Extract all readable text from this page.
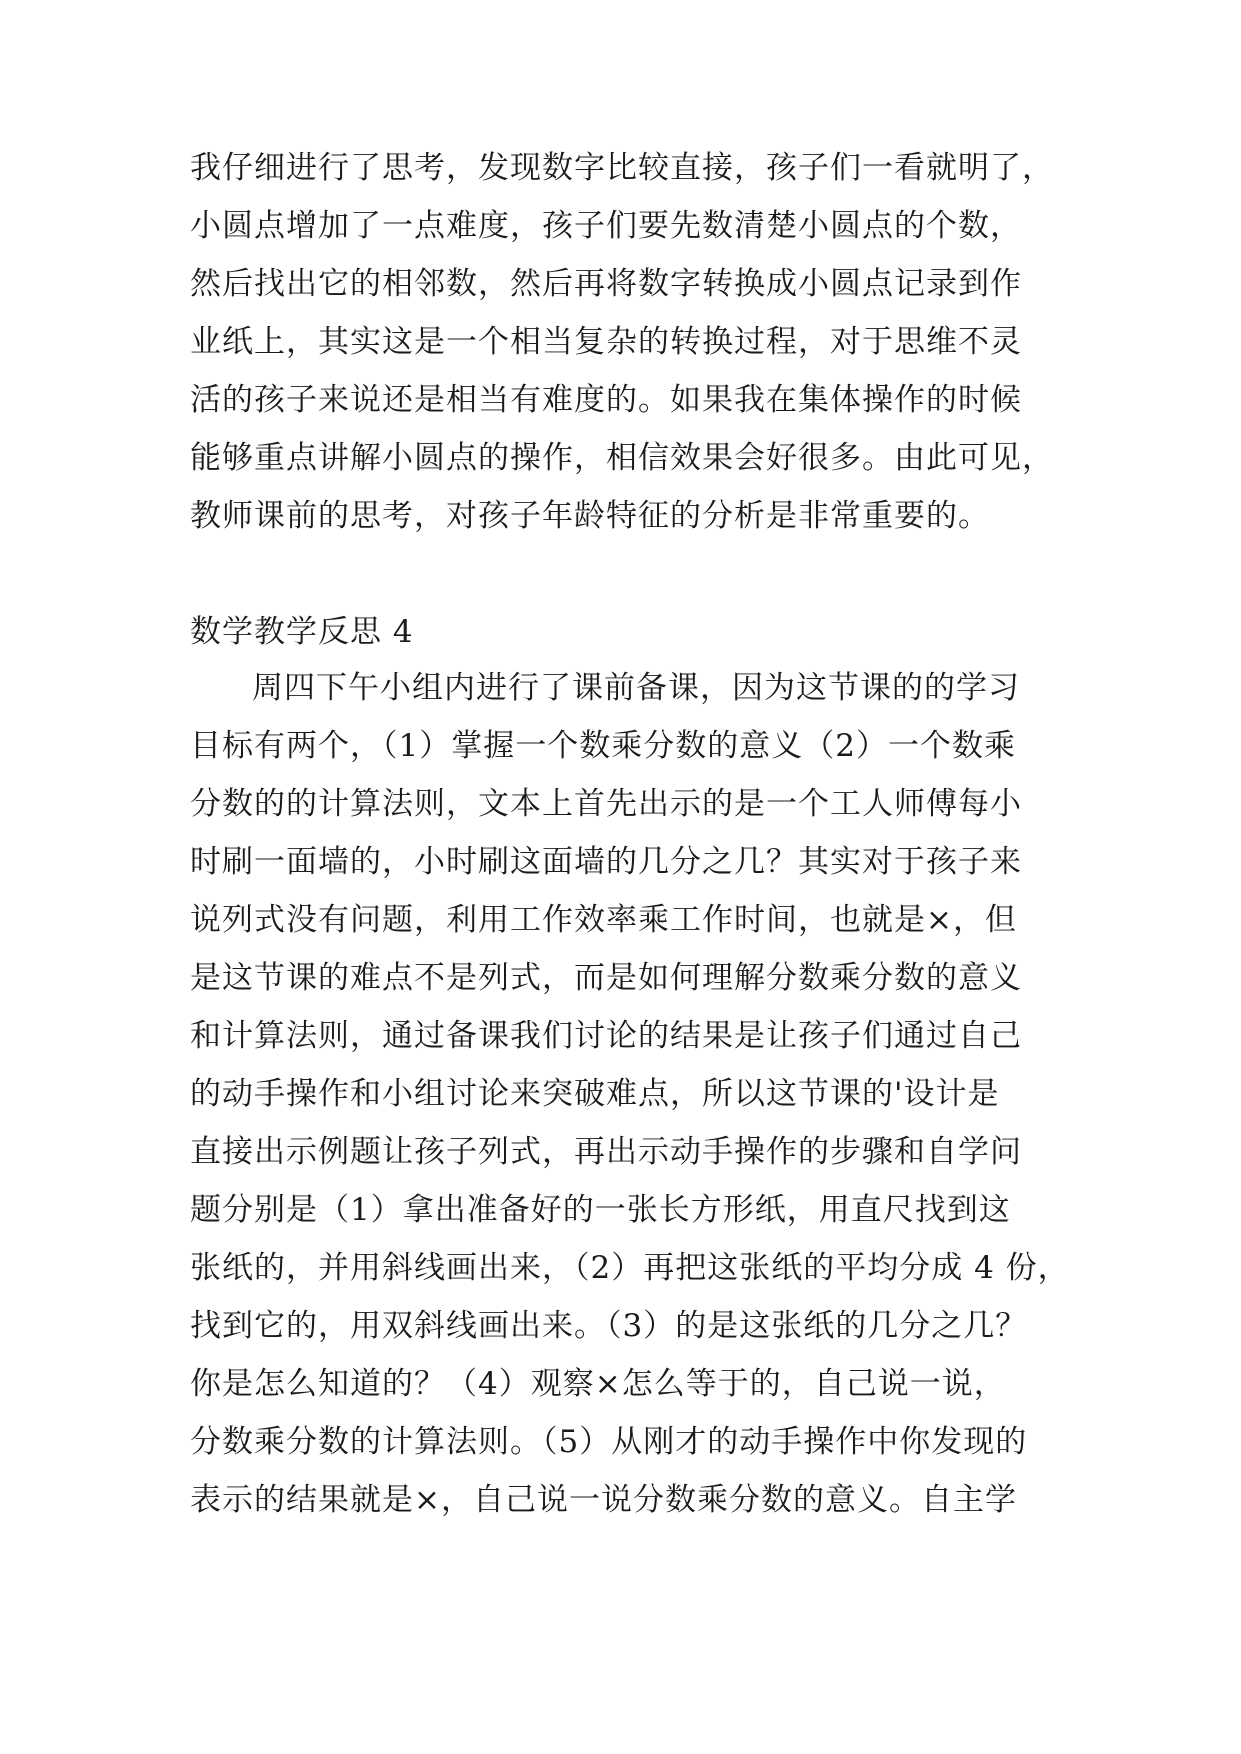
我仔细进行了思考，发现数字比较直接，孩子们一看就明了，
小圆点增加了一点难度，孩子们要先数清楚小圆点的个数，
然后找出它的相邻数，然后再将数字转换成小圆点记录到作
业纸上，其实这是一个相当复杂的转换过程，对于思维不灵
活的孩子来说还是相当有难度的。如果我在集体操作的时候
能够重点讲解小圆点的操作，相信效果会好很多。由此可见，
教师课前的思考，对孩子年龄特征的分析是非常重要的。
数学教学反思 4
周四下午小组内进行了课前备课，因为这节课的的学习
目标有两个，（1）掌握一个数乘分数的意义（2）一个数乘
分数的的计算法则，文本上首先出示的是一个工人师傅每小
时刷一面墙的，小时刷这面墙的几分之几？其实对于孩子来
说列式没有问题，利用工作效率乘工作时间，也就是×，但
是这节课的难点不是列式，而是如何理解分数乘分数的意义
和计算法则，通过备课我们讨论的结果是让孩子们通过自己
的动手操作和小组讨论来突破难点，所以这节课的'设计是
直接出示例题让孩子列式，再出示动手操作的步骤和自学问
题分别是（1）拿出准备好的一张长方形纸，用直尺找到这
张纸的，并用斜线画出来，（2）再把这张纸的平均分成 4 份，
找到它的，用双斜线画出来。（3）的是这张纸的几分之几？
你是怎么知道的？（4）观察×怎么等于的，自己说一说，
分数乘分数的计算法则。（5）从刚才的动手操作中你发现的
表示的结果就是×，自己说一说分数乘分数的意义。自主学
